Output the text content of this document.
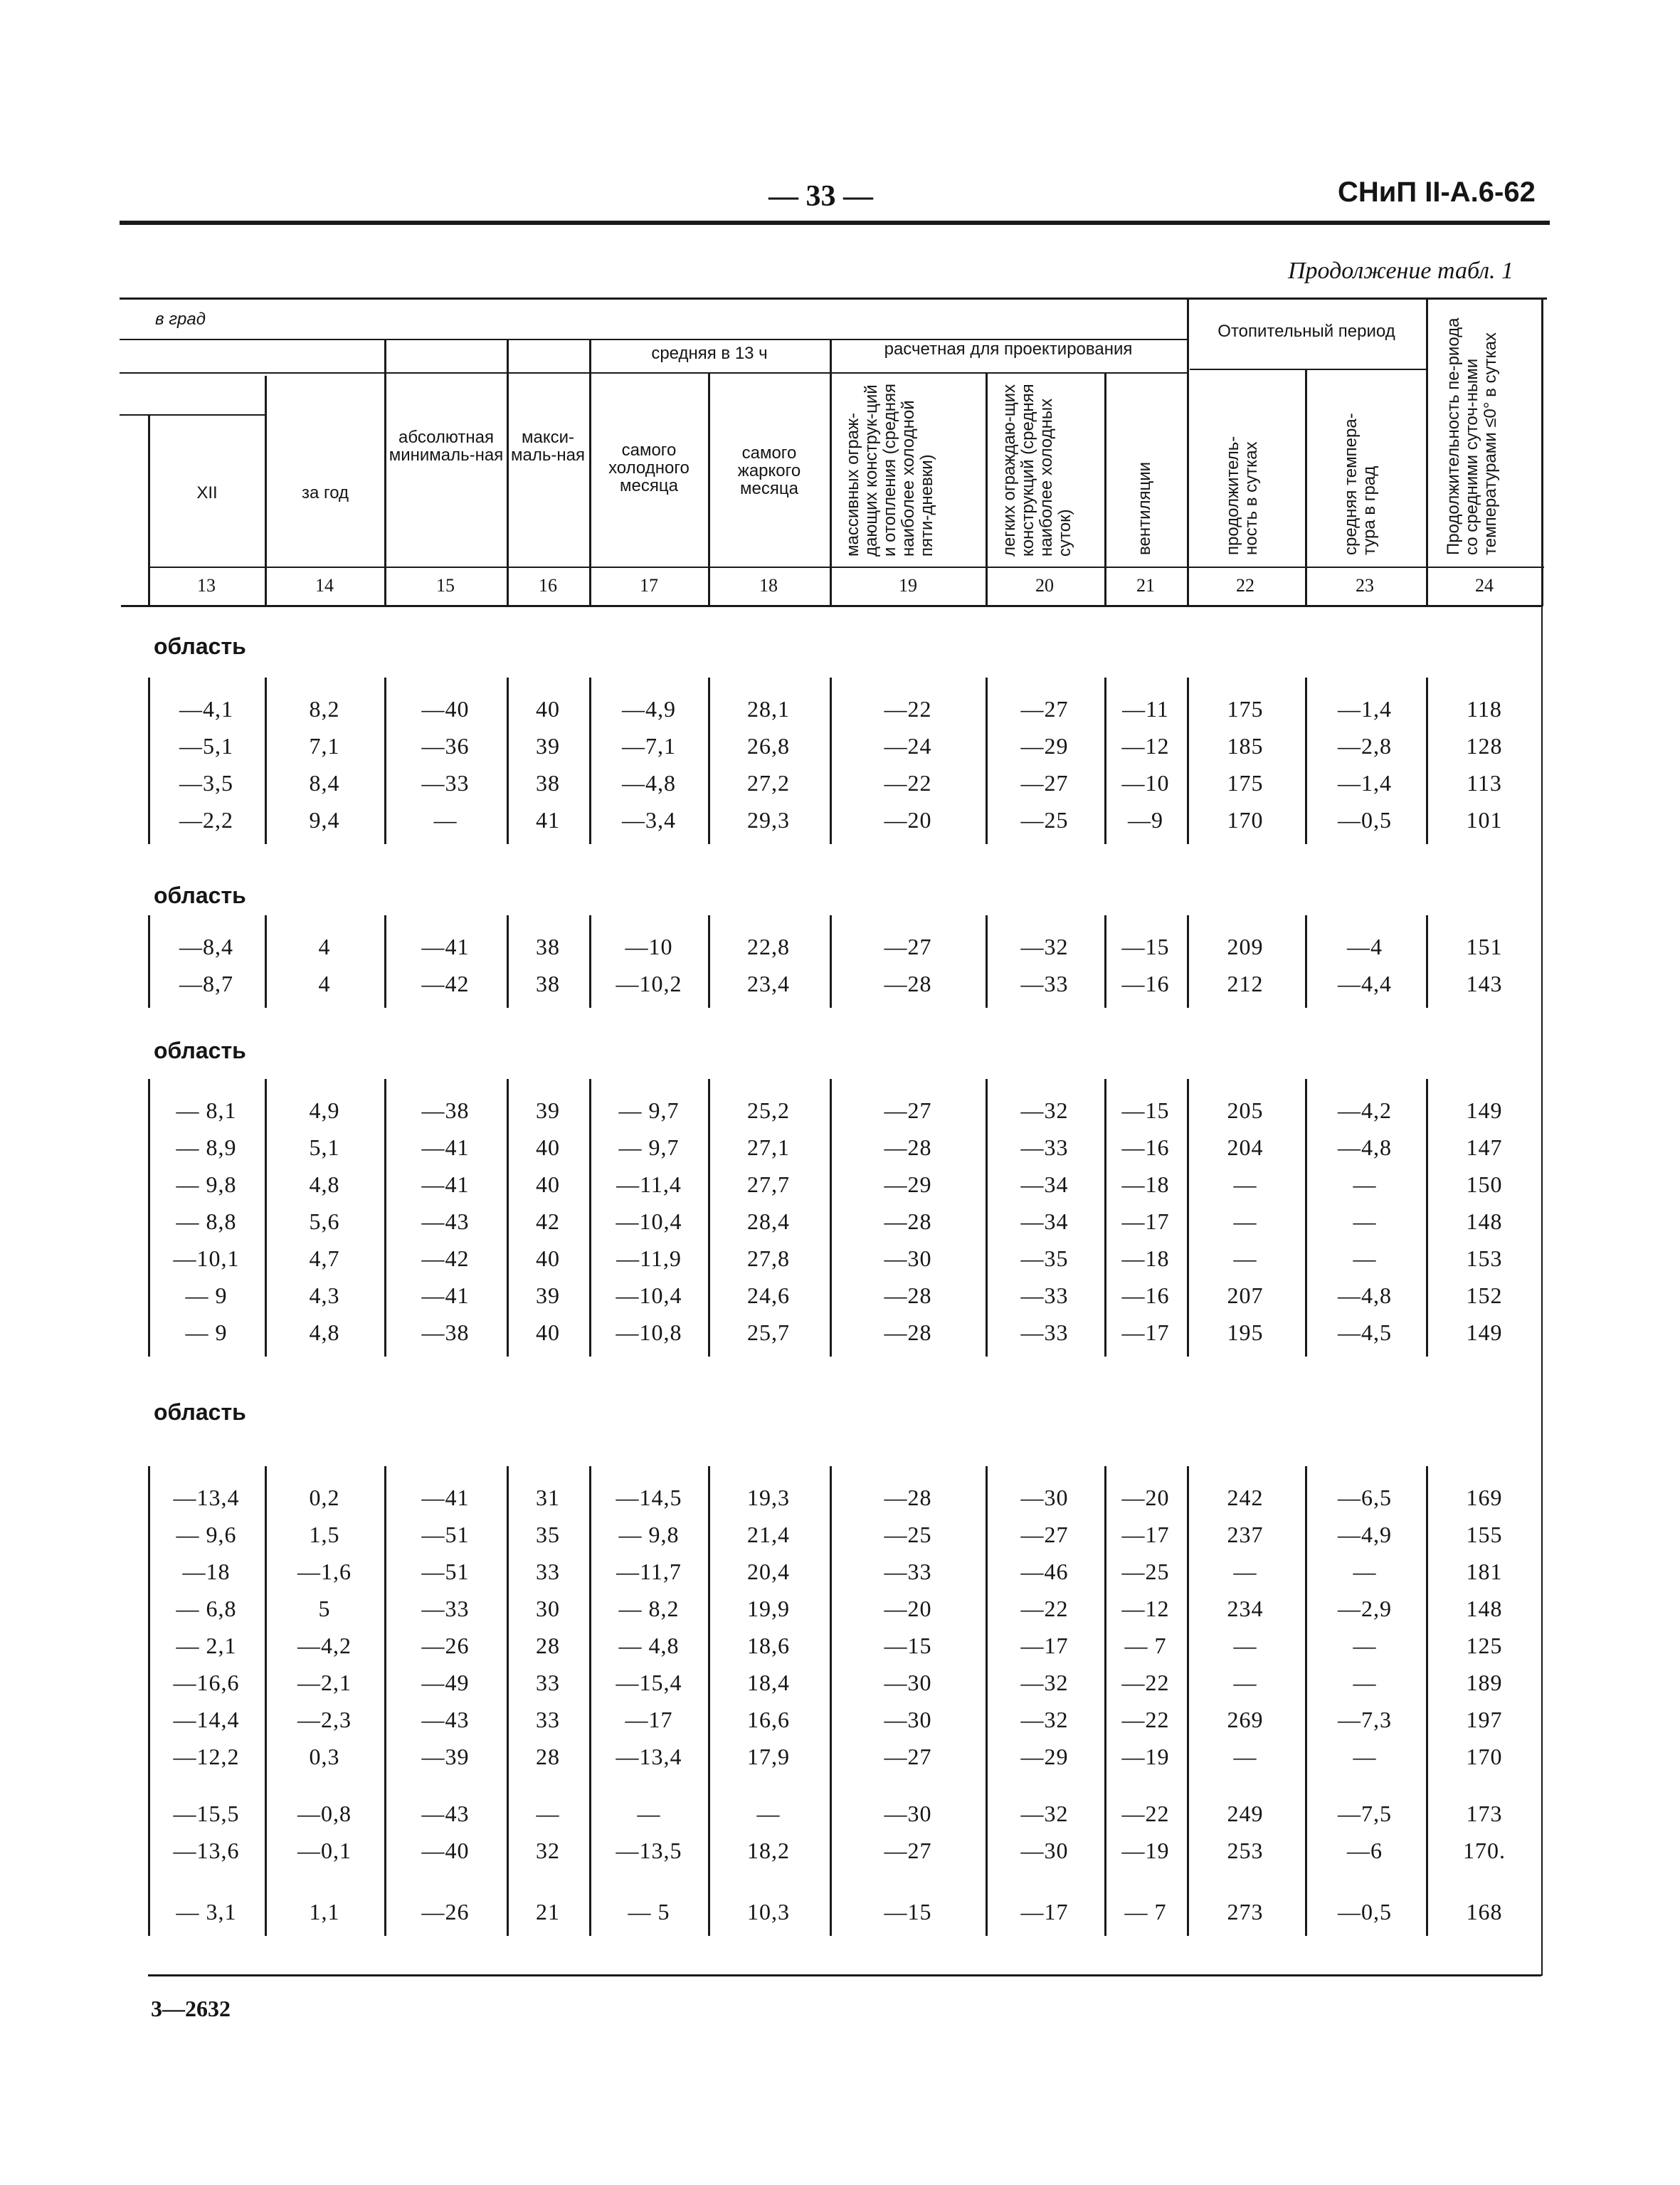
— 33 —	СНиП II-А.6-62
Продолжение табл. 1
в град
Отопительный период
средняя в 13 ч	расчетная для проектирования
XII	за год
абсолютная минималь-ная
макси-маль-ная	самого холодного месяца
самого жаркого месяца	массивных ограж-дающих конструк-ций и отопления (средняя наиболее холодной пяти-дневки)	легких ограждаю-щих конструкций (средняя наиболее холодных суток)	вентиляции	продолжитель-ность в сутках	средняя темпера-тура в град	Продолжительность пе-риода со средними суточ-ными температурами ≤0° в сутках
13	14	15	16	17	18	19	20	21	22	23	24
область
—4,1	8,2	—40	40	—4,9	28,1	—22	—27	—11	175	—1,4	118
—5,1	7,1	—36	39	—7,1	26,8	—24	—29	—12	185	—2,8	128
—3,5	8,4	—33	38	—4,8	27,2	—22	—27	—10	175	—1,4	113
—2,2	9,4	—	41	—3,4	29,3	—20	—25	—9	170	—0,5	101
область
—8,4	4	—41	38	—10	22,8	—27	—32	—15	209	—4	151
—8,7	4	—42	38	—10,2	23,4	—28	—33	—16	212	—4,4	143
область
— 8,1	4,9	—38	39	— 9,7	25,2	—27	—32	—15	205	—4,2	149
— 8,9	5,1	—41	40	— 9,7	27,1	—28	—33	—16	204	—4,8	147
— 9,8	4,8	—41	40	—11,4	27,7	—29	—34	—18	—	—	150
— 8,8	5,6	—43	42	—10,4	28,4	—28	—34	—17	—	—	148
—10,1	4,7	—42	40	—11,9	27,8	—30	—35	—18	—	—	153
— 9	4,3	—41	39	—10,4	24,6	—28	—33	—16	207	—4,8	152
— 9	4,8	—38	40	—10,8	25,7	—28	—33	—17	195	—4,5	149
область
—13,4	0,2	—41	31	—14,5	19,3	—28	—30	—20	242	—6,5	169
— 9,6	1,5	—51	35	— 9,8	21,4	—25	—27	—17	237	—4,9	155
—18	—1,6	—51	33	—11,7	20,4	—33	—46	—25	—	—	181
— 6,8	5	—33	30	— 8,2	19,9	—20	—22	—12	234	—2,9	148
— 2,1	—4,2	—26	28	— 4,8	18,6	—15	—17	— 7	—	—	125
—16,6	—2,1	—49	33	—15,4	18,4	—30	—32	—22	—	—	189
—14,4	—2,3	—43	33	—17	16,6	—30	—32	—22	269	—7,3	197
—12,2	0,3	—39	28	—13,4	17,9	—27	—29	—19	—	—	170
—15,5	—0,8	—43	—	—	—	—30	—32	—22	249	—7,5	173
—13,6	—0,1	—40	32	—13,5	18,2	—27	—30	—19	253	—6	170.
— 3,1	1,1	—26	21	— 5	10,3	—15	—17	— 7	273	—0,5	168
3—2632
